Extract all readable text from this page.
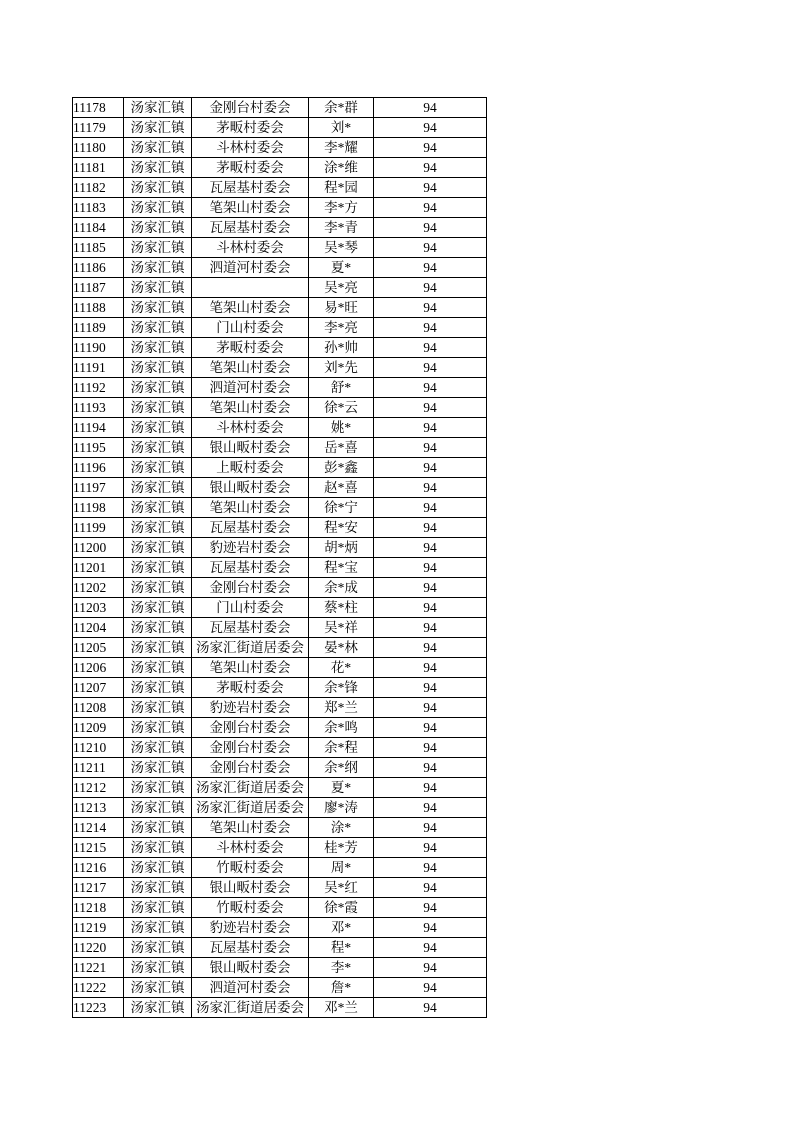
11178	汤家汇镇	金刚台村委会	余*群	94
11179	汤家汇镇	茅畈村委会	刘*	94
11180	汤家汇镇	斗林村委会	李*耀	94
11181	汤家汇镇	茅畈村委会	涂*维	94
11182	汤家汇镇	瓦屋基村委会	程*园	94
11183	汤家汇镇	笔架山村委会	李*方	94
11184	汤家汇镇	瓦屋基村委会	李*青	94
11185	汤家汇镇	斗林村委会	吴*琴	94
11186	汤家汇镇	泗道河村委会	夏*	94
11187	汤家汇镇		吴*亮	94
11188	汤家汇镇	笔架山村委会	易*旺	94
11189	汤家汇镇	门山村委会	李*亮	94
11190	汤家汇镇	茅畈村委会	孙*帅	94
11191	汤家汇镇	笔架山村委会	刘*先	94
11192	汤家汇镇	泗道河村委会	舒*	94
11193	汤家汇镇	笔架山村委会	徐*云	94
11194	汤家汇镇	斗林村委会	姚*	94
11195	汤家汇镇	银山畈村委会	岳*喜	94
11196	汤家汇镇	上畈村委会	彭*鑫	94
11197	汤家汇镇	银山畈村委会	赵*喜	94
11198	汤家汇镇	笔架山村委会	徐*宁	94
11199	汤家汇镇	瓦屋基村委会	程*安	94
11200	汤家汇镇	豹迹岩村委会	胡*炳	94
11201	汤家汇镇	瓦屋基村委会	程*宝	94
11202	汤家汇镇	金刚台村委会	余*成	94
11203	汤家汇镇	门山村委会	蔡*柱	94
11204	汤家汇镇	瓦屋基村委会	吴*祥	94
11205	汤家汇镇	汤家汇街道居委会	晏*林	94
11206	汤家汇镇	笔架山村委会	花*	94
11207	汤家汇镇	茅畈村委会	余*锋	94
11208	汤家汇镇	豹迹岩村委会	郑*兰	94
11209	汤家汇镇	金刚台村委会	余*鸣	94
11210	汤家汇镇	金刚台村委会	余*程	94
11211	汤家汇镇	金刚台村委会	余*纲	94
11212	汤家汇镇	汤家汇街道居委会	夏*	94
11213	汤家汇镇	汤家汇街道居委会	廖*涛	94
11214	汤家汇镇	笔架山村委会	涂*	94
11215	汤家汇镇	斗林村委会	桂*芳	94
11216	汤家汇镇	竹畈村委会	周*	94
11217	汤家汇镇	银山畈村委会	吴*红	94
11218	汤家汇镇	竹畈村委会	徐*霞	94
11219	汤家汇镇	豹迹岩村委会	邓*	94
11220	汤家汇镇	瓦屋基村委会	程*	94
11221	汤家汇镇	银山畈村委会	李*	94
11222	汤家汇镇	泗道河村委会	詹*	94
11223	汤家汇镇	汤家汇街道居委会	邓*兰	94
